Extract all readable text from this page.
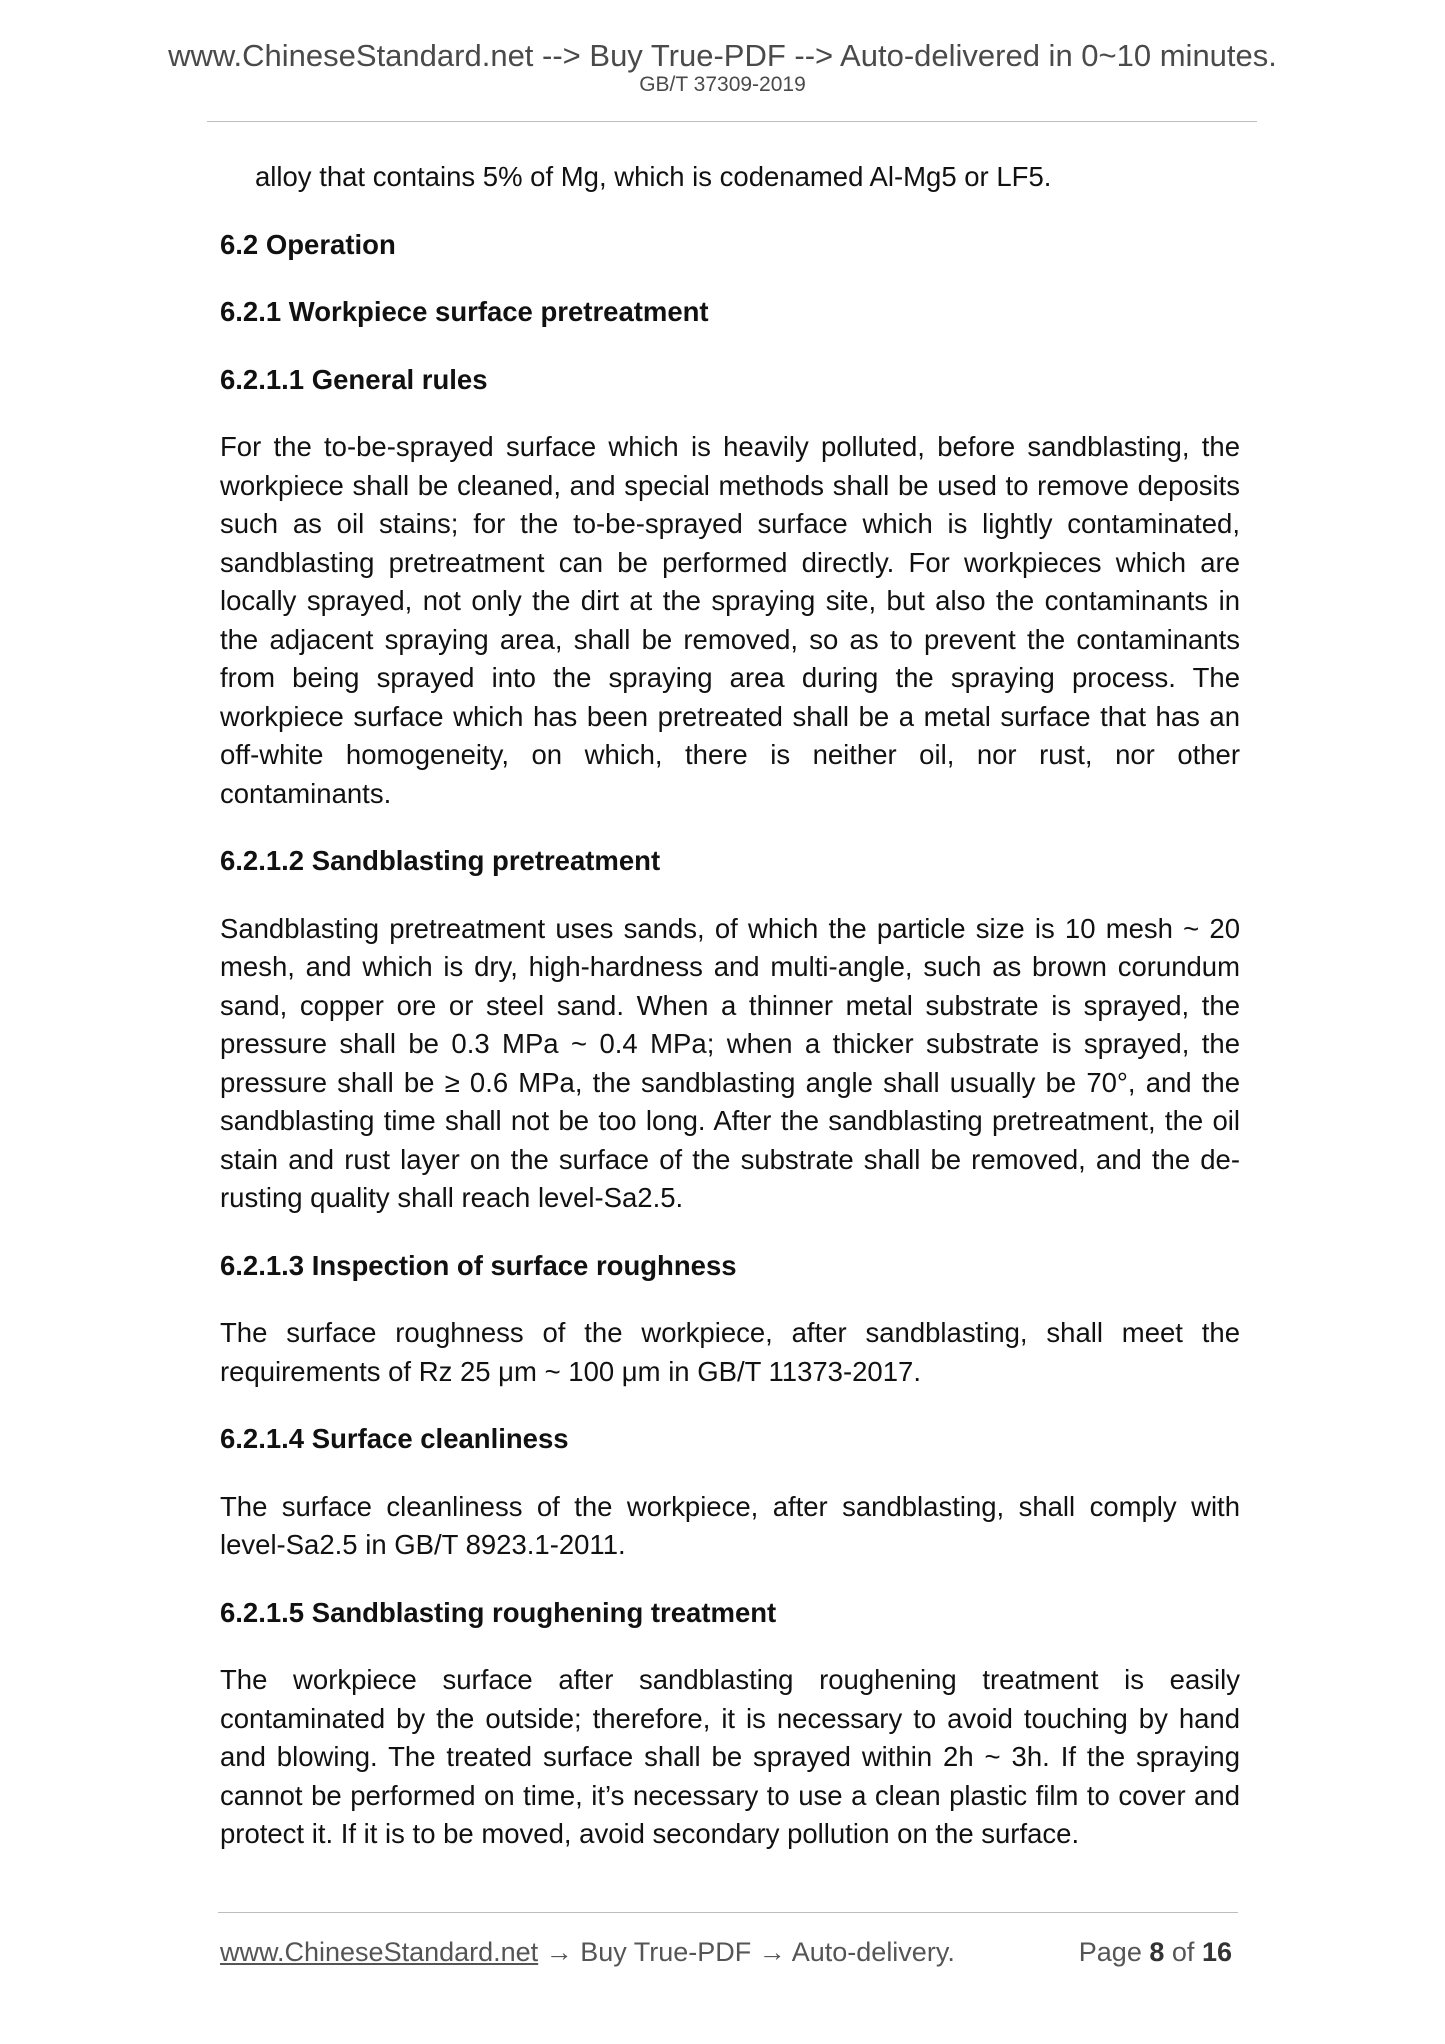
www.ChineseStandard.net --> Buy True-PDF --> Auto-delivered in 0~10 minutes.
GB/T 37309-2019

alloy that contains 5% of Mg, which is codenamed Al-Mg5 or LF5.

6.2 Operation

6.2.1 Workpiece surface pretreatment

6.2.1.1 General rules

For the to-be-sprayed surface which is heavily polluted, before sandblasting, the workpiece shall be cleaned, and special methods shall be used to remove deposits such as oil stains; for the to-be-sprayed surface which is lightly contaminated, sandblasting pretreatment can be performed directly. For workpieces which are locally sprayed, not only the dirt at the spraying site, but also the contaminants in the adjacent spraying area, shall be removed, so as to prevent the contaminants from being sprayed into the spraying area during the spraying process. The workpiece surface which has been pretreated shall be a metal surface that has an off-white homogeneity, on which, there is neither oil, nor rust, nor other contaminants.

6.2.1.2 Sandblasting pretreatment

Sandblasting pretreatment uses sands, of which the particle size is 10 mesh ~ 20 mesh, and which is dry, high-hardness and multi-angle, such as brown corundum sand, copper ore or steel sand. When a thinner metal substrate is sprayed, the pressure shall be 0.3 MPa ~ 0.4 MPa; when a thicker substrate is sprayed, the pressure shall be ≥ 0.6 MPa, the sandblasting angle shall usually be 70°, and the sandblasting time shall not be too long. After the sandblasting pretreatment, the oil stain and rust layer on the surface of the substrate shall be removed, and the de-rusting quality shall reach level-Sa2.5.

6.2.1.3 Inspection of surface roughness

The surface roughness of the workpiece, after sandblasting, shall meet the requirements of Rz 25 μm ~ 100 μm in GB/T 11373-2017.

6.2.1.4 Surface cleanliness

The surface cleanliness of the workpiece, after sandblasting, shall comply with level-Sa2.5 in GB/T 8923.1-2011.

6.2.1.5 Sandblasting roughening treatment

The workpiece surface after sandblasting roughening treatment is easily contaminated by the outside; therefore, it is necessary to avoid touching by hand and blowing. The treated surface shall be sprayed within 2h ~ 3h. If the spraying cannot be performed on time, it’s necessary to use a clean plastic film to cover and protect it. If it is to be moved, avoid secondary pollution on the surface.

www.ChineseStandard.net → Buy True-PDF → Auto-delivery.	Page 8 of 16
